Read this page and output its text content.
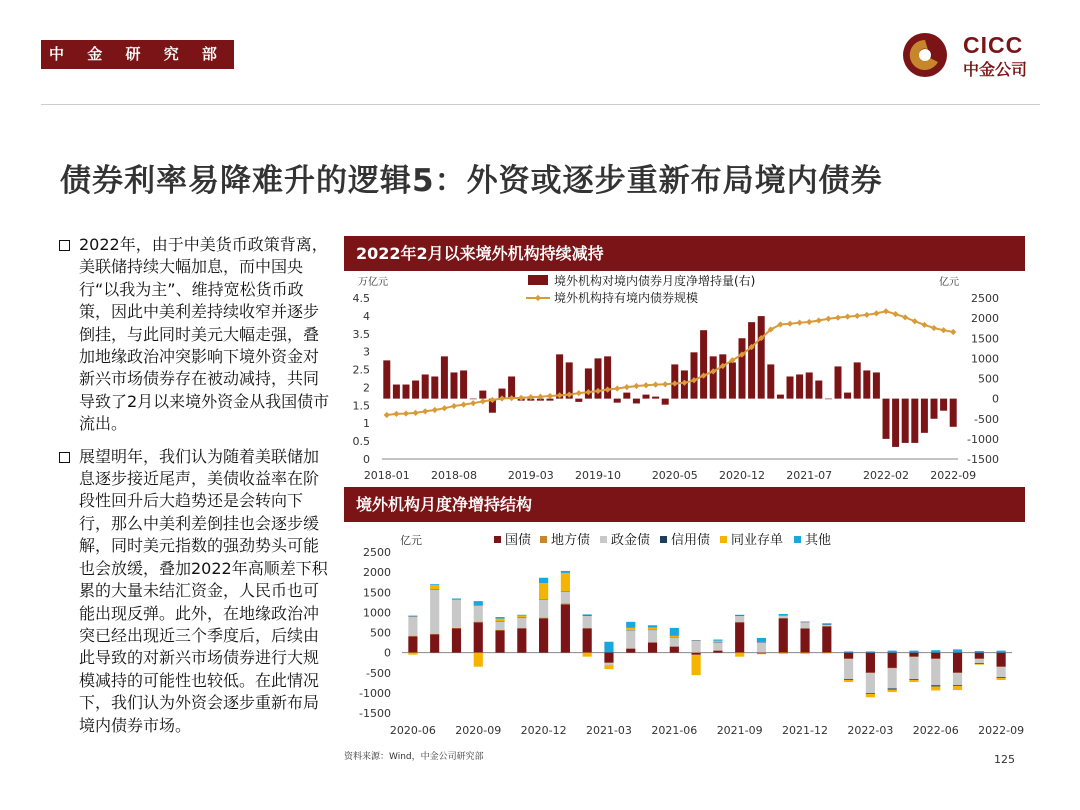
中 金 研 究 部	CICC
中金公司
债券利率易降难升的逻辑5：外资或逐步重新布局境内债券
2022年，由于中美货币政策背离，美联储持续大幅加息，而中国央行“以我为主”、维持宽松货币政策，因此中美利差持续收窄并逐步倒挂，与此同时美元大幅走强，叠加地缘政治冲突影响下境外资金对新兴市场债券存在被动减持，共同导致了2月以来境外资金从我国债市流出。
展望明年，我们认为随着美联储加息逐步接近尾声，美债收益率在阶段性回升后大趋势还是会转向下行，那么中美利差倒挂也会逐步缓解，同时美元指数的强劲势头可能也会放缓，叠加2022年高顺差下积累的大量未结汇资金，人民币也可能出现反弹。此外，在地缘政治冲突已经出现近三个季度后，后续由此导致的对新兴市场债券进行大规模减持的可能性也较低。在此情况下，我们认为外资会逐步重新布局境内债券市场。
2022年2月以来境外机构持续减持
万亿元	亿元
0
0.5
1
1.5
2
2.5
3
3.5
4
4.5	2500
2000
1500
1000
500
0
-500
-1000
-1500
2018-01 2018-08	2019-03 2019-10	2020-05 2020-12 2021-07	2022-02 2022-09
境外机构对境内债券月度净增持量(右)
境外机构持有境内债券规模
境外机构月度净增持结构
亿元
2500
2000
1500
1000
500
0
-500
-1000
-1500
2020-06 2020-09 2020-12 2021-03 2021-06 2021-09 2021-12 2022-03 2022-06 2022-09
国债 地方债 政金债 信用债 同业存单 其他
资料来源：Wind，中金公司研究部	125
